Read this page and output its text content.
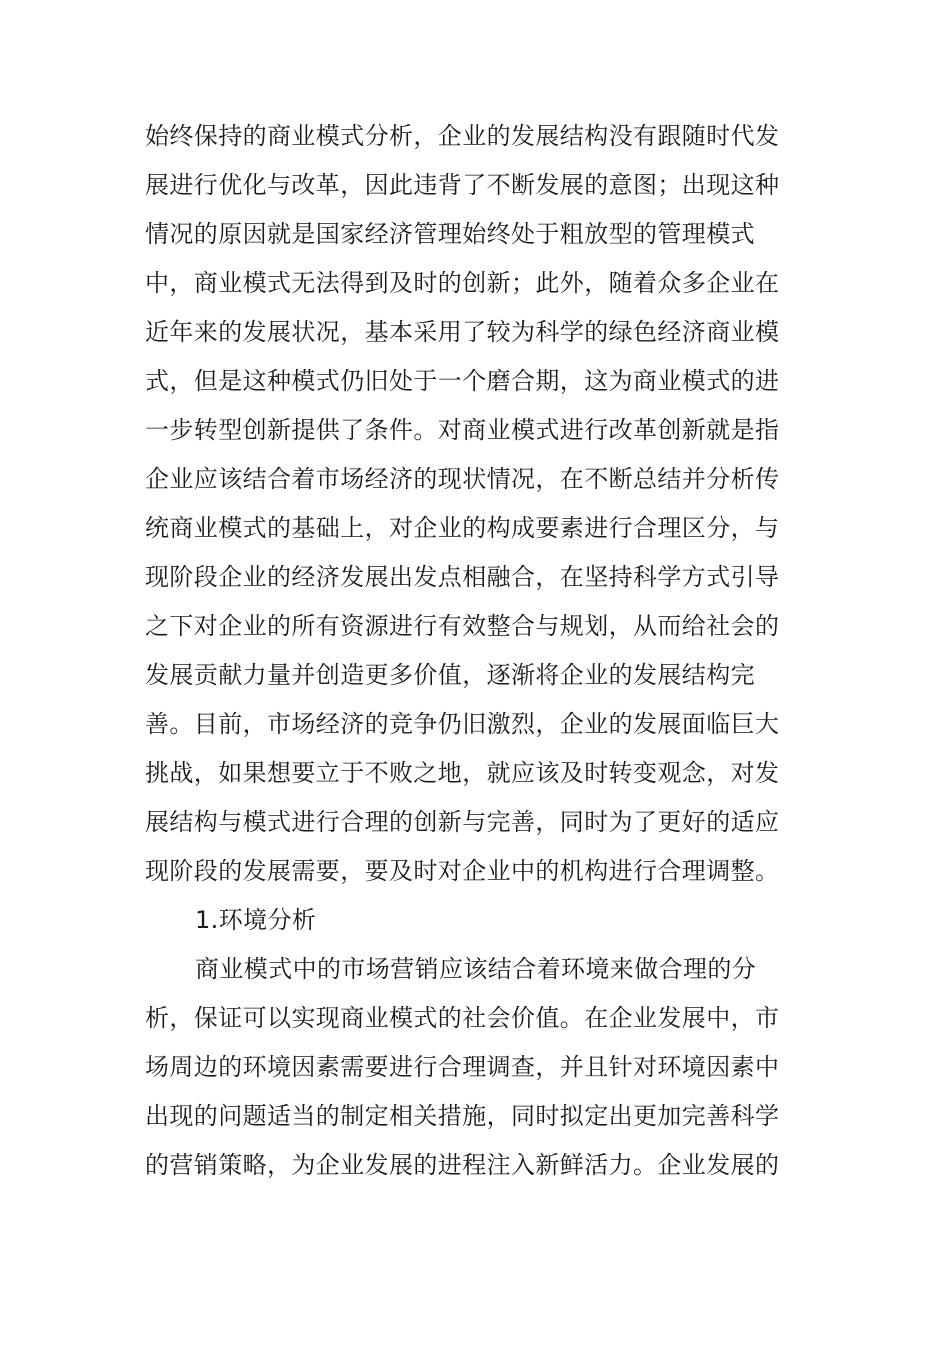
始终保持的商业模式分析，企业的发展结构没有跟随时代发
展进行优化与改革，因此违背了不断发展的意图；出现这种
情况的原因就是国家经济管理始终处于粗放型的管理模式
中，商业模式无法得到及时的创新；此外，随着众多企业在
近年来的发展状况，基本采用了较为科学的绿色经济商业模
式，但是这种模式仍旧处于一个磨合期，这为商业模式的进
一步转型创新提供了条件。对商业模式进行改革创新就是指
企业应该结合着市场经济的现状情况，在不断总结并分析传
统商业模式的基础上，对企业的构成要素进行合理区分，与
现阶段企业的经济发展出发点相融合，在坚持科学方式引导
之下对企业的所有资源进行有效整合与规划，从而给社会的
发展贡献力量并创造更多价值，逐渐将企业的发展结构完
善。目前，市场经济的竞争仍旧激烈，企业的发展面临巨大
挑战，如果想要立于不败之地，就应该及时转变观念，对发
展结构与模式进行合理的创新与完善，同时为了更好的适应
现阶段的发展需要，要及时对企业中的机构进行合理调整。
1.环境分析
商业模式中的市场营销应该结合着环境来做合理的分
析，保证可以实现商业模式的社会价值。在企业发展中，市
场周边的环境因素需要进行合理调查，并且针对环境因素中
出现的问题适当的制定相关措施，同时拟定出更加完善科学
的营销策略，为企业发展的进程注入新鲜活力。企业发展的
